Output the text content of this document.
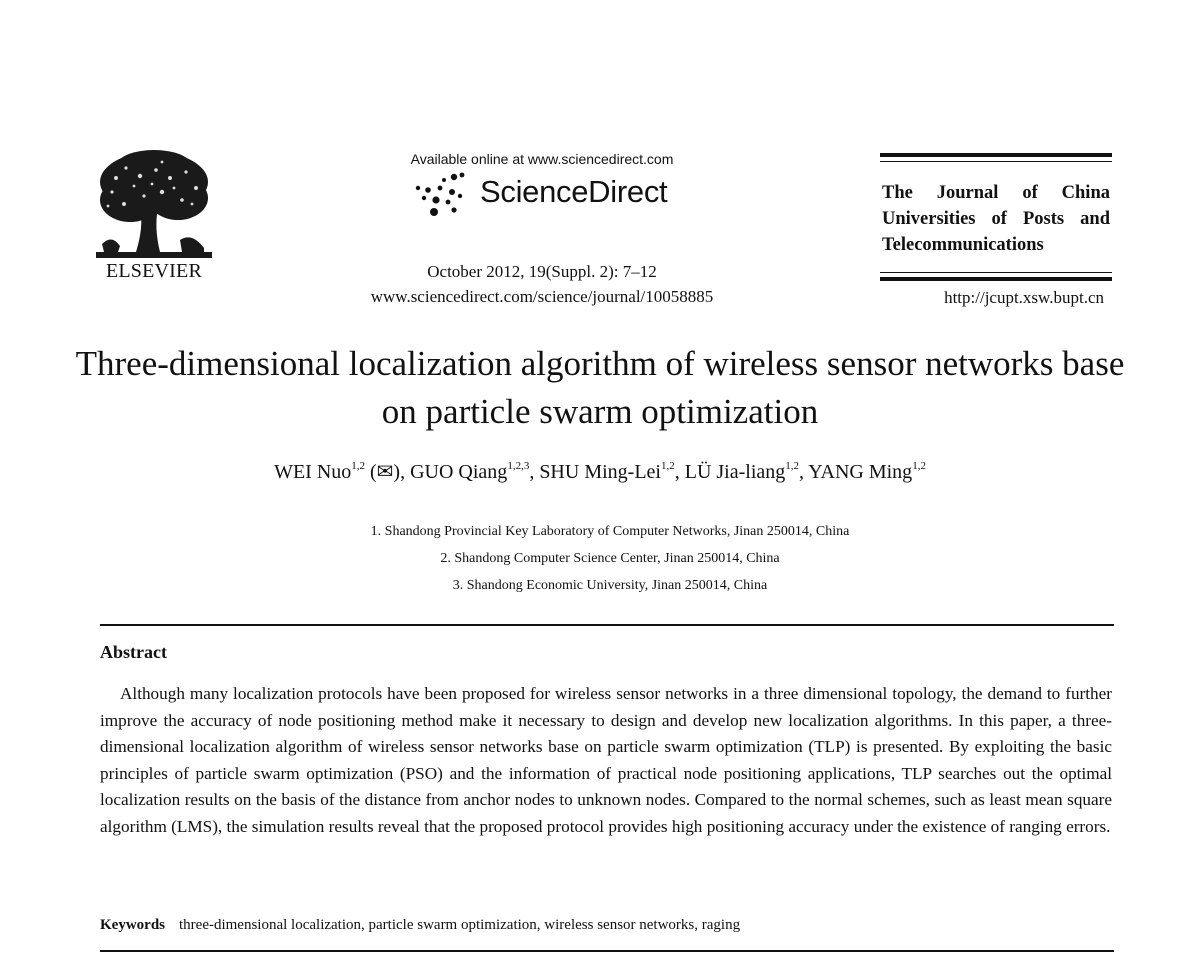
ELSEVIER
Available online at www.sciencedirect.com
ScienceDirect
October 2012, 19(Suppl. 2): 7–12
www.sciencedirect.com/science/journal/10058885
The Journal of China Universities of Posts and Telecommunications
http://jcupt.xsw.bupt.cn
Three-dimensional localization algorithm of wireless sensor networks base on particle swarm optimization
WEI Nuo$^{1,2}$ (✉), GUO Qiang$^{1,2,3}$, SHU Ming-Lei$^{1,2}$, LÜ Jia-liang$^{1,2}$, YANG Ming$^{1,2}$
1. Shandong Provincial Key Laboratory of Computer Networks, Jinan 250014, China
2. Shandong Computer Science Center, Jinan 250014, China
3. Shandong Economic University, Jinan 250014, China
Abstract
Although many localization protocols have been proposed for wireless sensor networks in a three dimensional topology, the demand to further improve the accuracy of node positioning method make it necessary to design and develop new localization algorithms. In this paper, a three-dimensional localization algorithm of wireless sensor networks base on particle swarm optimization (TLP) is presented. By exploiting the basic principles of particle swarm optimization (PSO) and the information of practical node positioning applications, TLP searches out the optimal localization results on the basis of the distance from anchor nodes to unknown nodes. Compared to the normal schemes, such as least mean square algorithm (LMS), the simulation results reveal that the proposed protocol provides high positioning accuracy under the existence of ranging errors.
Keywords three-dimensional localization, particle swarm optimization, wireless sensor networks, raging
